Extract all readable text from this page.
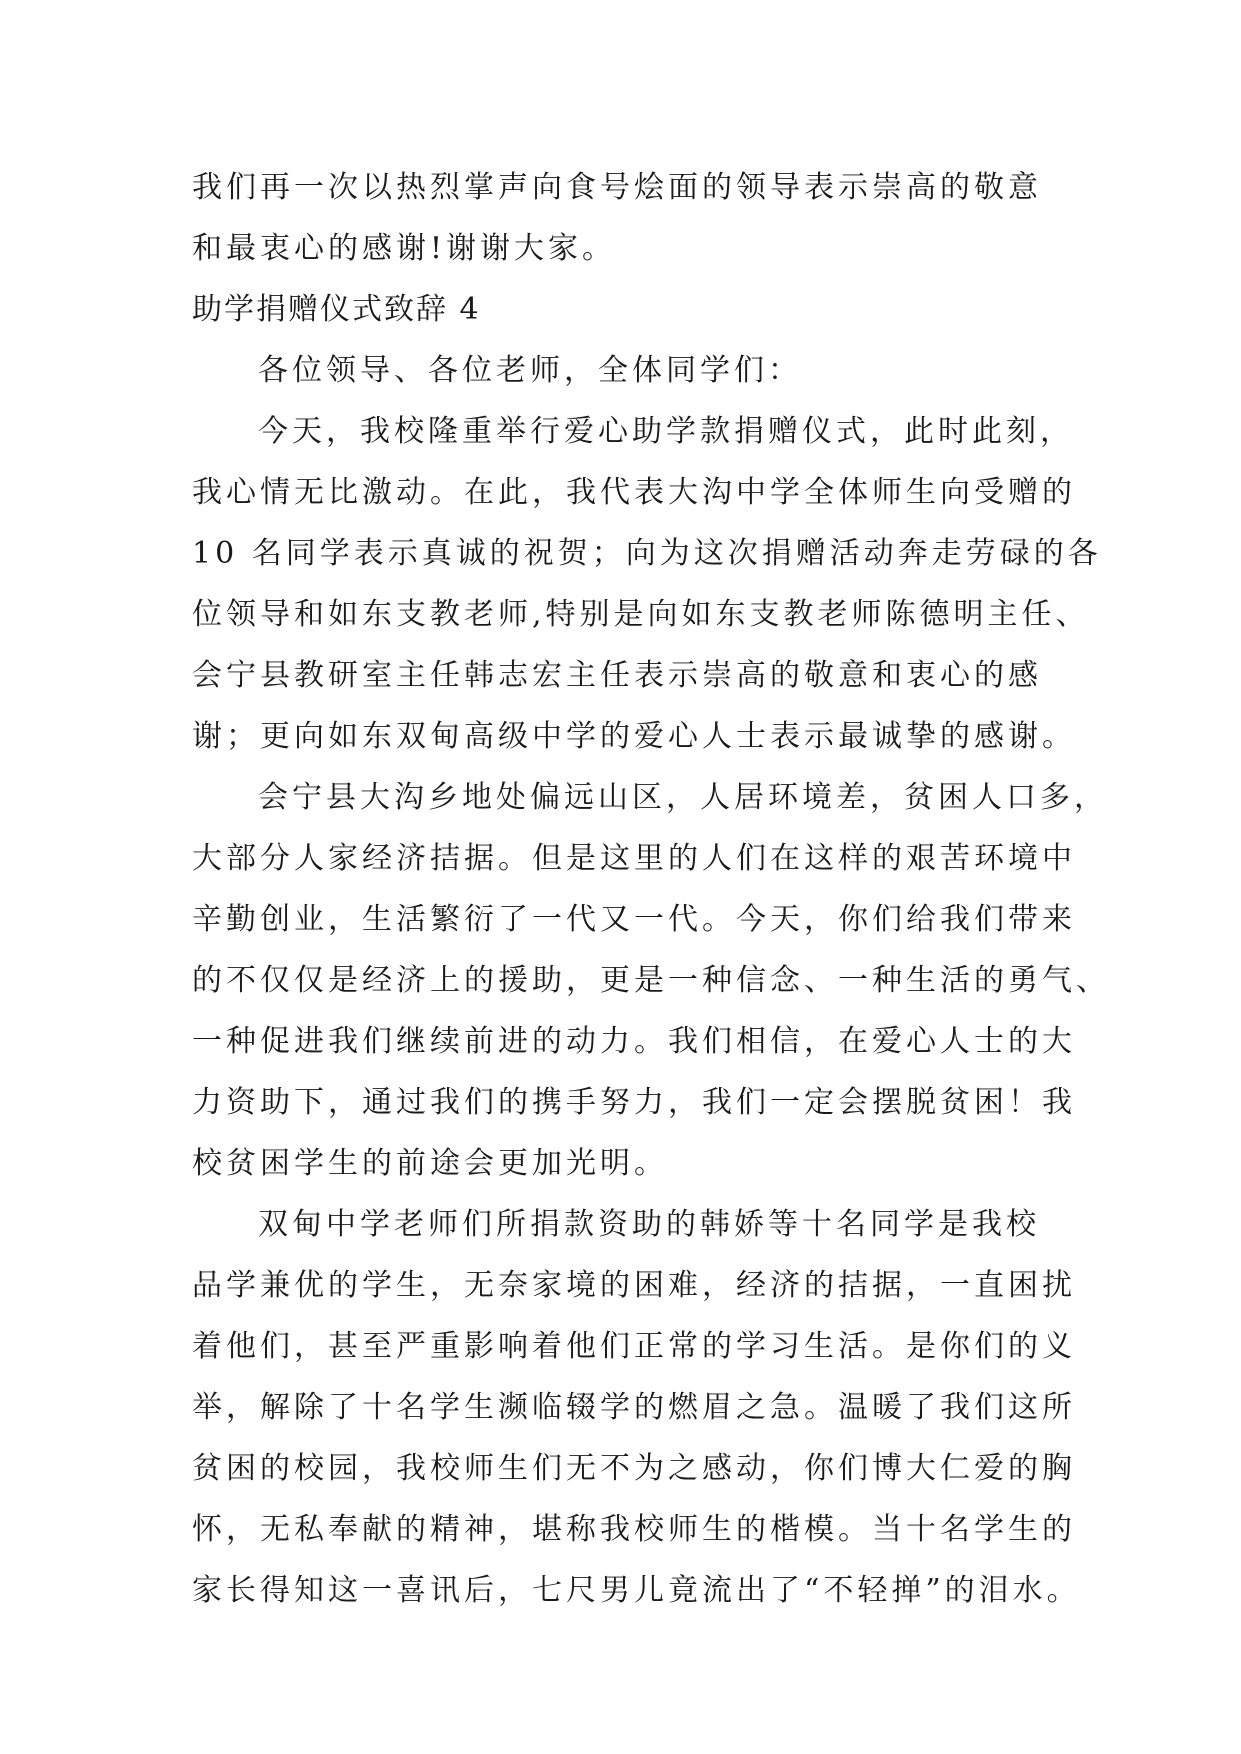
我们再一次以热烈掌声向食号烩面的领导表示崇高的敬意
和最衷心的感谢!谢谢大家。
助学捐赠仪式致辞 4
各位领导、各位老师，全体同学们：
今天，我校隆重举行爱心助学款捐赠仪式，此时此刻，
我心情无比激动。在此，我代表大沟中学全体师生向受赠的
10 名同学表示真诚的祝贺；向为这次捐赠活动奔走劳碌的各
位领导和如东支教老师,特别是向如东支教老师陈德明主任、
会宁县教研室主任韩志宏主任表示崇高的敬意和衷心的感
谢；更向如东双甸高级中学的爱心人士表示最诚挚的感谢。
会宁县大沟乡地处偏远山区，人居环境差，贫困人口多，
大部分人家经济拮据。但是这里的人们在这样的艰苦环境中
辛勤创业，生活繁衍了一代又一代。今天，你们给我们带来
的不仅仅是经济上的援助，更是一种信念、一种生活的勇气、
一种促进我们继续前进的动力。我们相信，在爱心人士的大
力资助下，通过我们的携手努力，我们一定会摆脱贫困！我
校贫困学生的前途会更加光明。
双甸中学老师们所捐款资助的韩娇等十名同学是我校
品学兼优的学生，无奈家境的困难，经济的拮据，一直困扰
着他们，甚至严重影响着他们正常的学习生活。是你们的义
举，解除了十名学生濒临辍学的燃眉之急。温暖了我们这所
贫困的校园，我校师生们无不为之感动，你们博大仁爱的胸
怀，无私奉献的精神，堪称我校师生的楷模。当十名学生的
家长得知这一喜讯后，七尺男儿竟流出了“不轻掸”的泪水。
